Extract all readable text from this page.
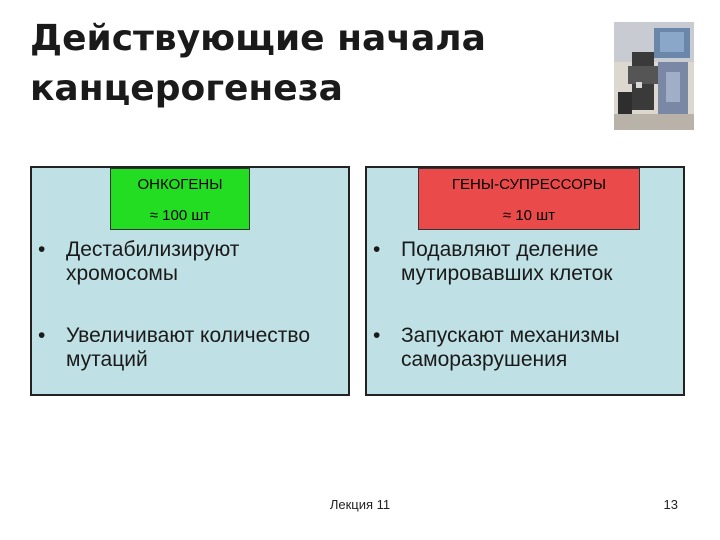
Действующие начала
канцерогенеза
ОНКОГЕНЫ
≈ 100 шт
ГЕНЫ-СУПРЕССОРЫ
≈ 10 шт
• Дестабилизируют хромосомы
• Увеличивают количество мутаций
• Подавляют деление мутировавших клеток
• Запускают механизмы саморазрушения
Лекция 11	13
